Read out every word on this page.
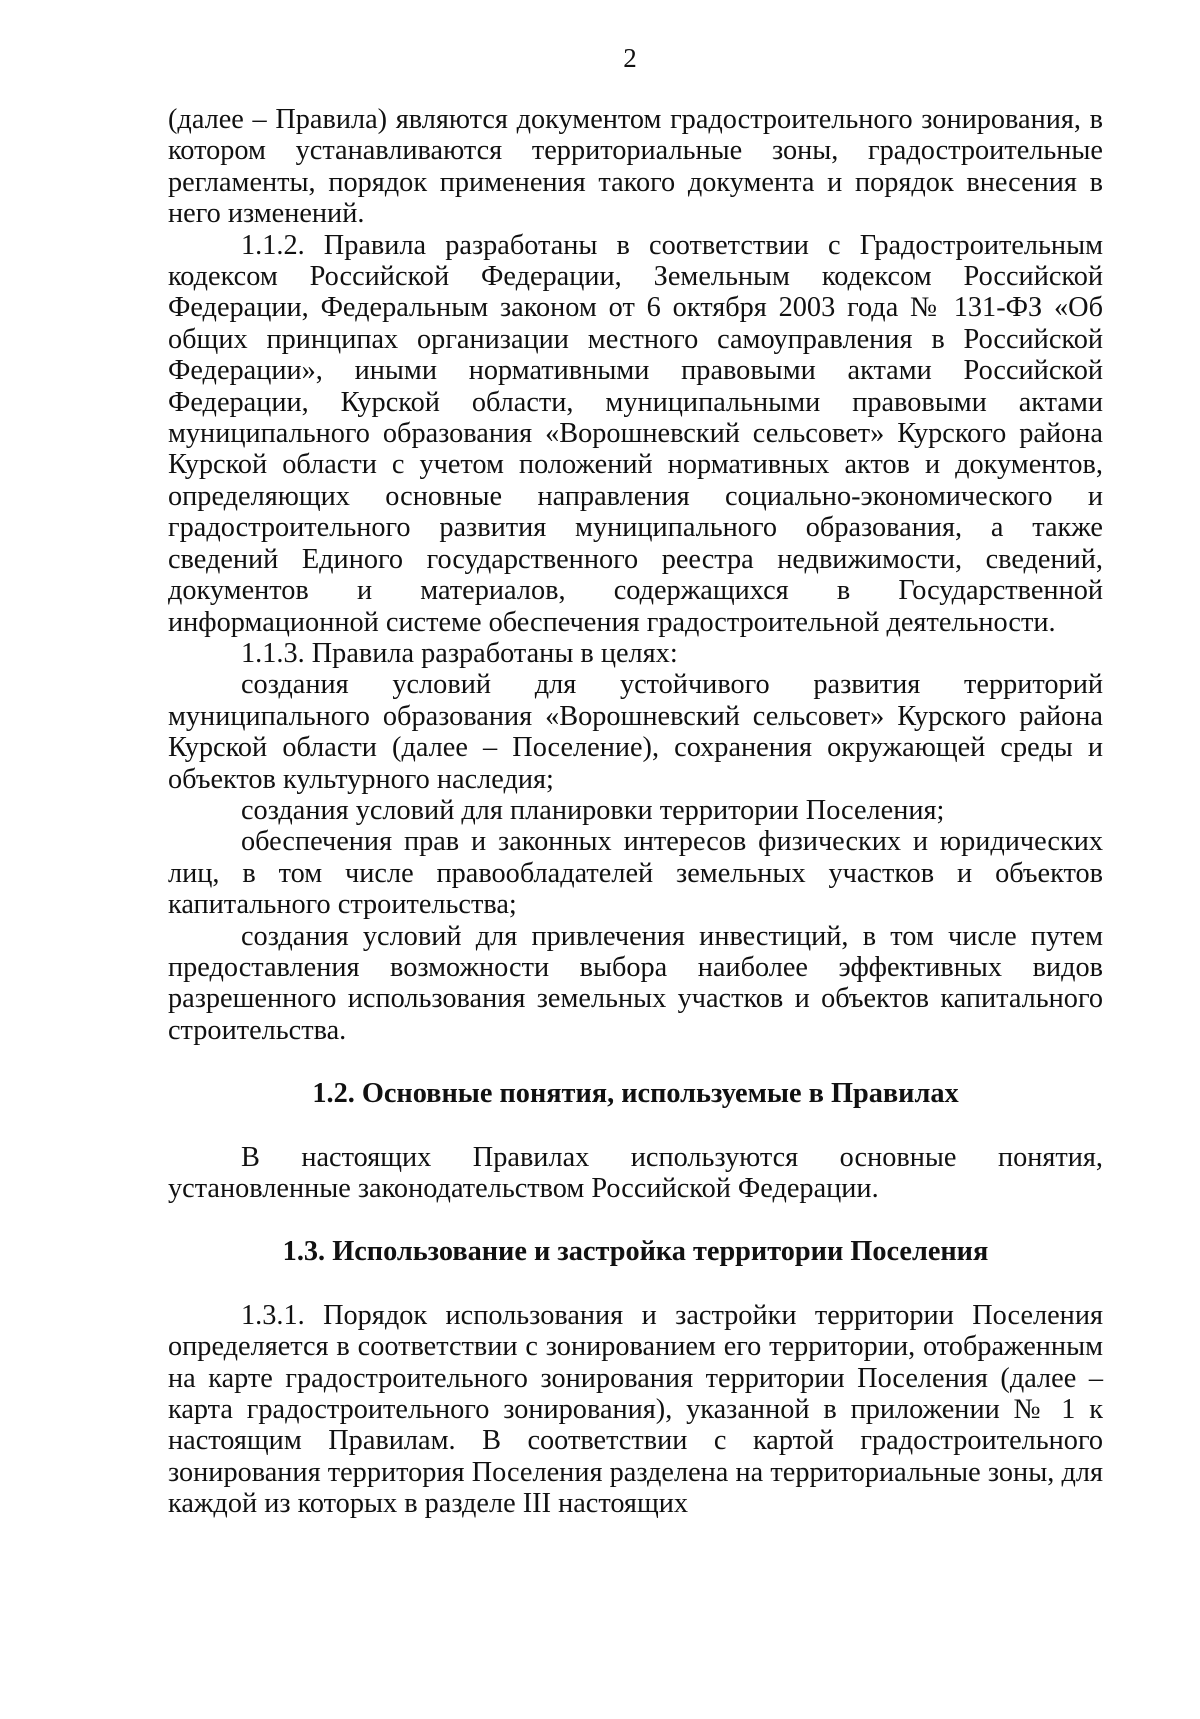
2

(далее – Правила) являются документом градостроительного зонирования, в котором устанавливаются территориальные зоны, градостроительные регламенты, порядок применения такого документа и порядок внесения в него изменений.

1.1.2. Правила разработаны в соответствии с Градостроительным кодексом Российской Федерации, Земельным кодексом Российской Федерации, Федеральным законом от 6 октября 2003 года № 131-ФЗ «Об общих принципах организации местного самоуправления в Российской Федерации», иными нормативными правовыми актами Российской Федерации, Курской области, муниципальными правовыми актами муниципального образования «Ворошневский сельсовет» Курского района Курской области с учетом положений нормативных актов и документов, определяющих основные направления социально-экономического и градостроительного развития муниципального образования, а также сведений Единого государственного реестра недвижимости, сведений, документов и материалов, содержащихся в Государственной информационной системе обеспечения градостроительной деятельности.

1.1.3. Правила разработаны в целях:

создания условий для устойчивого развития территорий муниципального образования «Ворошневский сельсовет» Курского района Курской области (далее – Поселение), сохранения окружающей среды и объектов культурного наследия;

создания условий для планировки территории Поселения;

обеспечения прав и законных интересов физических и юридических лиц, в том числе правообладателей земельных участков и объектов капитального строительства;

создания условий для привлечения инвестиций, в том числе путем предоставления возможности выбора наиболее эффективных видов разрешенного использования земельных участков и объектов капитального строительства.

1.2. Основные понятия, используемые в Правилах

В настоящих Правилах используются основные понятия, установленные законодательством Российской Федерации.

1.3. Использование и застройка территории Поселения

1.3.1. Порядок использования и застройки территории Поселения определяется в соответствии с зонированием его территории, отображенным на карте градостроительного зонирования территории Поселения (далее – карта градостроительного зонирования), указанной в приложении № 1 к настоящим Правилам. В соответствии с картой градостроительного зонирования территория Поселения разделена на территориальные зоны, для каждой из которых в разделе III настоящих
